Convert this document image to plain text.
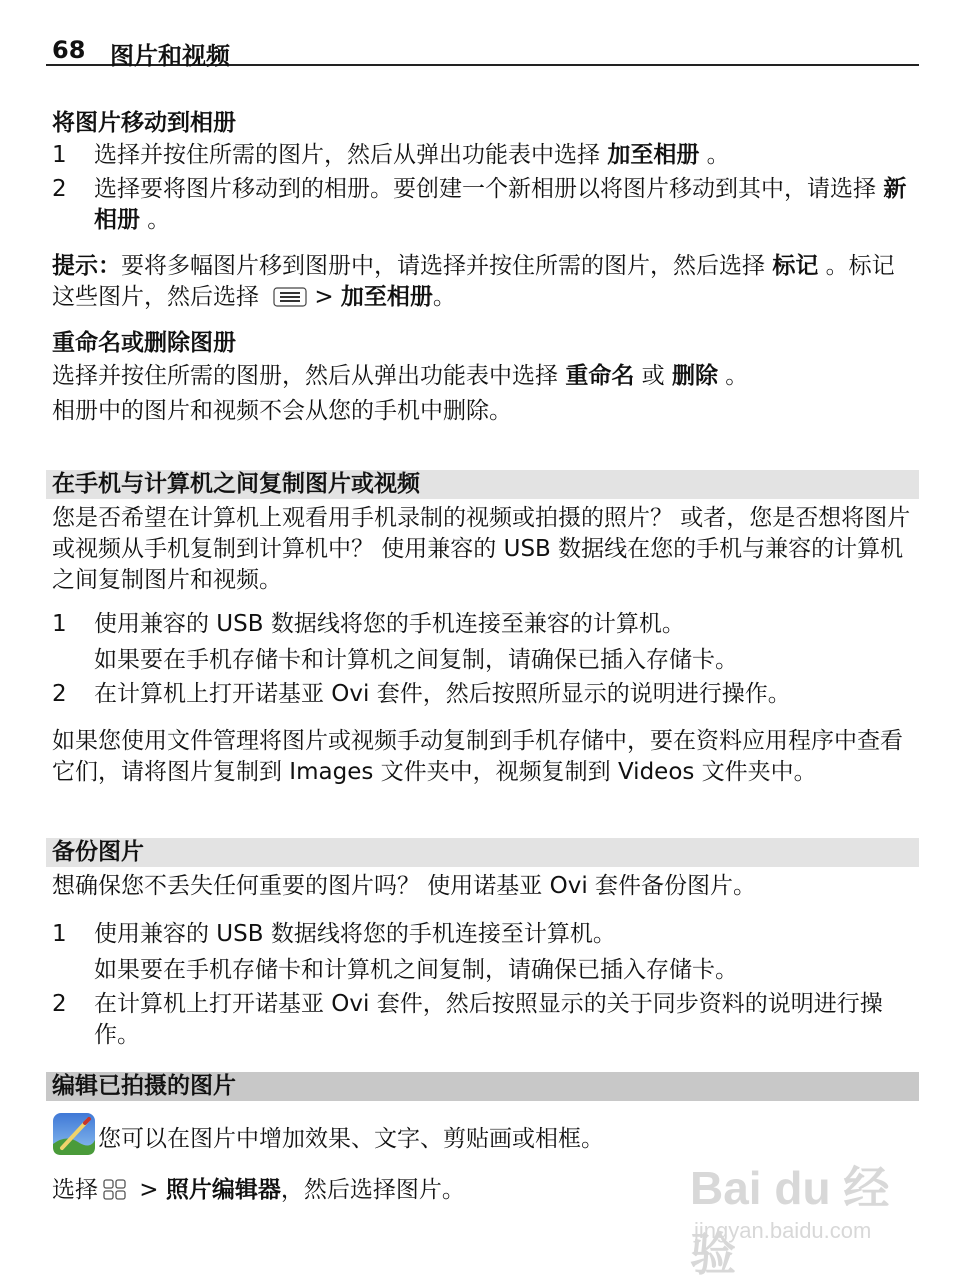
68 图片和视频
将图片移动到相册
1	选择并按住所需的图片，然后从弹出功能表中选择 加至相册 。
2	选择要将图片移动到的相册。要创建一个新相册以将图片移动到其中，请选择 新相册 。
提示：要将多幅图片移到图册中，请选择并按住所需的图片，然后选择 标记 。标记这些图片，然后选择 > 加至相册。
重命名或删除图册
选择并按住所需的图册，然后从弹出功能表中选择 重命名 或 删除 。
相册中的图片和视频不会从您的手机中删除。
在手机与计算机之间复制图片或视频
您是否希望在计算机上观看用手机录制的视频或拍摄的照片？ 或者，您是否想将图片或视频从手机复制到计算机中？ 使用兼容的 USB 数据线在您的手机与兼容的计算机之间复制图片和视频。
1	使用兼容的 USB 数据线将您的手机连接至兼容的计算机。
如果要在手机存储卡和计算机之间复制，请确保已插入存储卡。
2	在计算机上打开诺基亚 Ovi 套件，然后按照所显示的说明进行操作。
如果您使用文件管理将图片或视频手动复制到手机存储中，要在资料应用程序中查看它们，请将图片复制到 Images 文件夹中，视频复制到 Videos 文件夹中。
备份图片
想确保您不丢失任何重要的图片吗？ 使用诺基亚 Ovi 套件备份图片。
1	使用兼容的 USB 数据线将您的手机连接至计算机。
如果要在手机存储卡和计算机之间复制，请确保已插入存储卡。
2	在计算机上打开诺基亚 Ovi 套件，然后按照显示的关于同步资料的说明进行操作。
编辑已拍摄的图片
您可以在图片中增加效果、文字、剪贴画或相框。
选择 > 照片编辑器，然后选择图片。	Bai du 经验
jingyan.baidu.com
